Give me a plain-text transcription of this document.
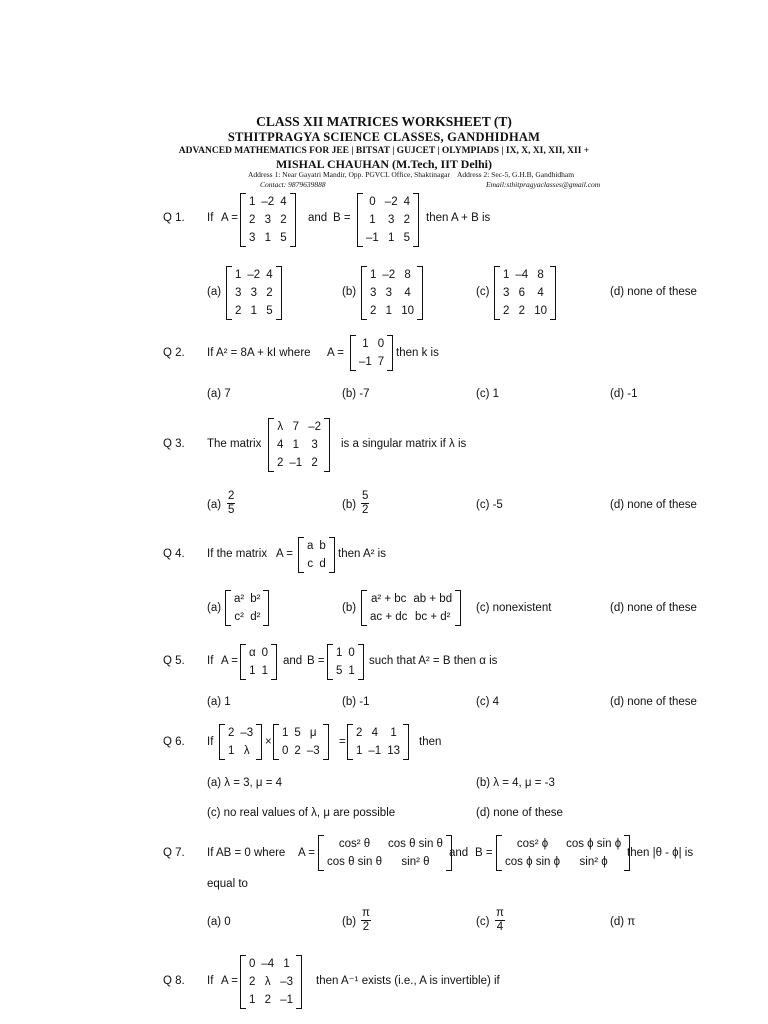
CLASS XII MATRICES WORKSHEET (T)
STHITPRAGYA SCIENCE CLASSES, GANDHIDHAM
ADVANCED MATHEMATICS FOR JEE | BITSAT | GUJCET | OLYMPIADS | IX, X, XI, XII, XII +
MISHAL CHAUHAN (M.Tech, IIT Delhi)
Address 1: Near Gayatri Mandir, Opp. PGVCL Office, Shaktinagar Address 2: Sec-5, G.H.B, Gandhidham
Contact: 9879639888	Email:sthitpragyaclasses@gmail.com
Q 1. If A =
1	–2	4
2	3	2
3	1	5
and B =
0	–2	4
1	3	2
–1	1	5
then A + B is
(a)
1	–2	4
3	3	2
2	1	5
(b)
1	–2	8
3	3	4
2	1	10
(c)
1	–4	8
3	6	4
2	2	10
(d) none of these
Q 2. If A² = 8A + kI where A =
1	0
–1	7
then k is
(a) 7	(b) -7	(c) 1	(d) -1
Q 3. The matrix
λ	7	–2
4	1	3
2	–1	2
is a singular matrix if λ is
$(a) \frac{2}{5}$	$(b) \frac{5}{2}$	(c) -5	(d) none of these
Q 4. If the matrix A =
a	b
c	d
then A² is
(a)
a²	b²
c²	d²
(b)
a² + bc	ab + bd
ac + dc	bc + d²
(c) nonexistent	(d) none of these
Q 5. If A =
α	0
1	1
and B =
1	0
5	1
such that A² = B then α is
(a) 1	(b) -1	(c) 4	(d) none of these
Q 6. If
2	–3
1	λ
×
1	5	μ
0	2	–3
=
2	4	1
1	–1	13
then
(a) λ = 3, μ = 4	(b) λ = 4, μ = -3
(c) no real values of λ, μ are possible	(d) none of these
Q 7. If AB = 0 where A =
cos² θ	cos θ sin θ
cos θ sin θ	sin² θ
and B =
cos² ϕ	cos ϕ sin ϕ
cos ϕ sin ϕ	sin² ϕ
then |θ - ϕ| is
equal to
(a) 0	$(b) \frac{\pi}{2}$	$(c) \frac{\pi}{4}$	(d) π
Q 8. If A =
0	–4	1
2	λ	–3
1	2	–1
then A⁻¹ exists (i.e., A is invertible) if
